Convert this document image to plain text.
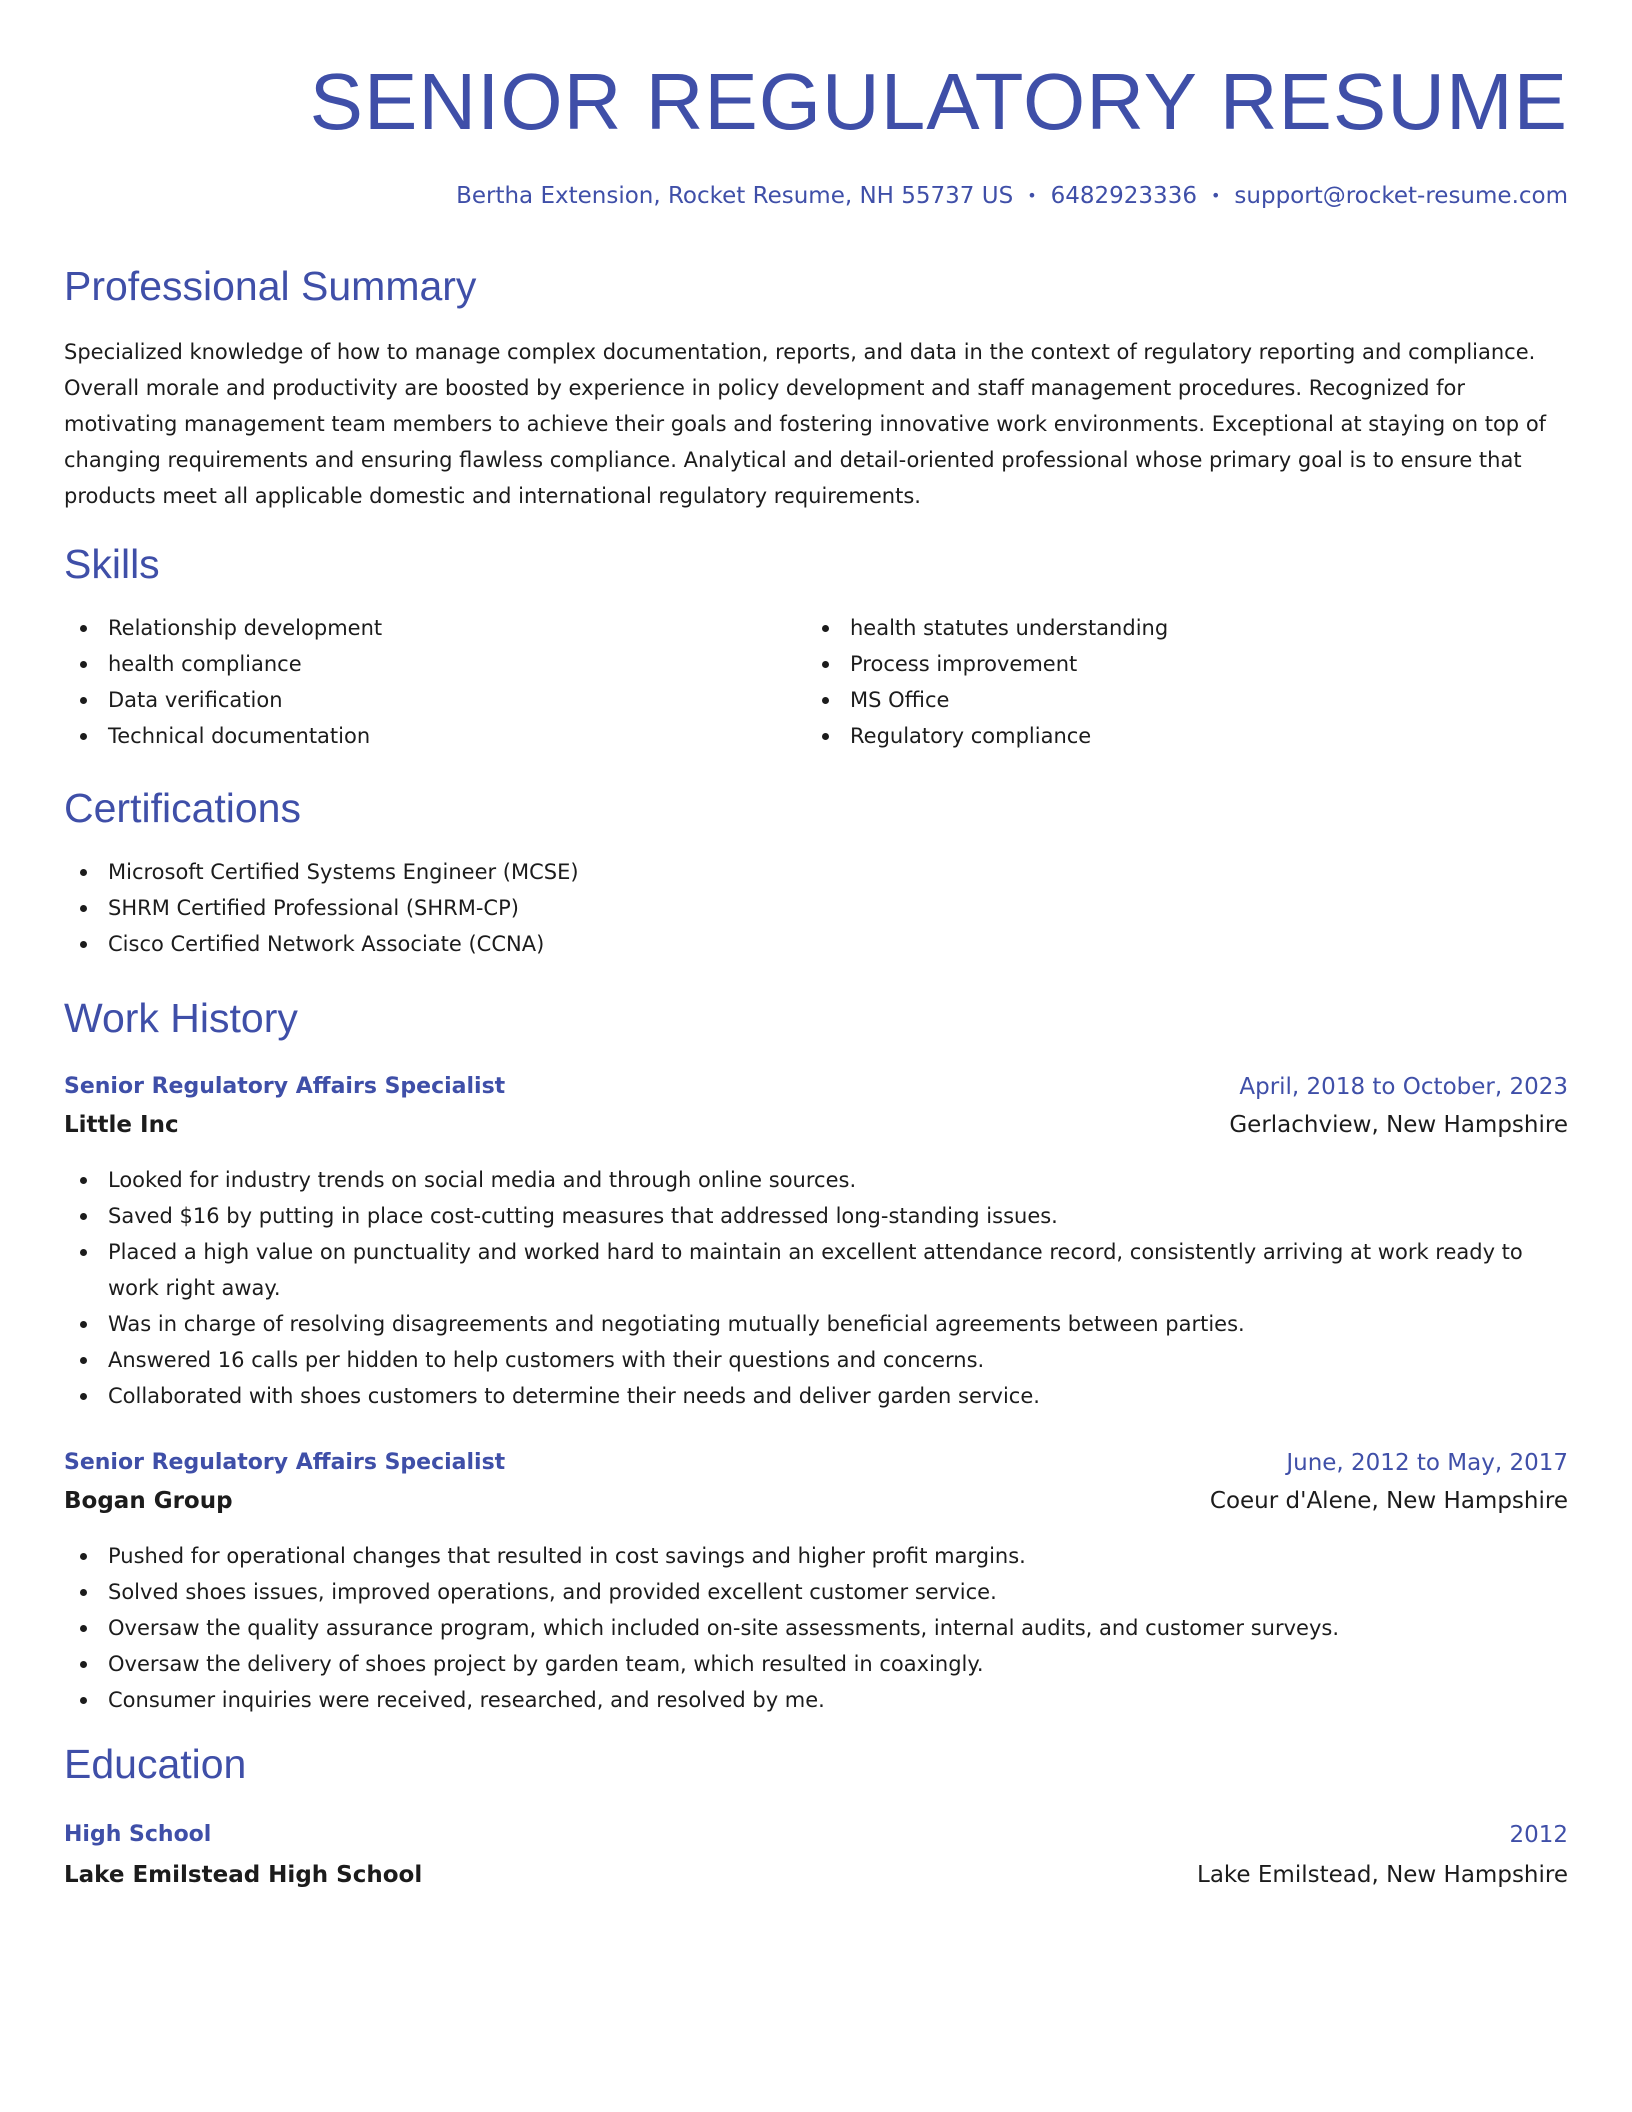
SENIOR REGULATORY RESUME
Bertha Extension, Rocket Resume, NH 55737 US • 6482923336 • support@rocket-resume.com
Professional Summary

Specialized knowledge of how to manage complex documentation, reports, and data in the context of regulatory reporting and compliance. Overall morale and productivity are boosted by experience in policy development and staff management procedures. Recognized for motivating management team members to achieve their goals and fostering innovative work environments. Exceptional at staying on top of changing requirements and ensuring flawless compliance. Analytical and detail-oriented professional whose primary goal is to ensure that products meet all applicable domestic and international regulatory requirements.

Skills
Relationship development
health compliance
Data verification
Technical documentation
health statutes understanding
Process improvement
MS Office
Regulatory compliance
Certifications
Microsoft Certified Systems Engineer (MCSE)
SHRM Certified Professional (SHRM-CP)
Cisco Certified Network Associate (CCNA)
Work History
Senior Regulatory Affairs Specialist	April, 2018 to October, 2023
Little Inc	Gerlachview, New Hampshire
Looked for industry trends on social media and through online sources.
Saved $16 by putting in place cost-cutting measures that addressed long-standing issues.
Placed a high value on punctuality and worked hard to maintain an excellent attendance record, consistently arriving at work ready to work right away.
Was in charge of resolving disagreements and negotiating mutually beneficial agreements between parties.
Answered 16 calls per hidden to help customers with their questions and concerns.
Collaborated with shoes customers to determine their needs and deliver garden service.
Senior Regulatory Affairs Specialist	June, 2012 to May, 2017
Bogan Group	Coeur d'Alene, New Hampshire
Pushed for operational changes that resulted in cost savings and higher profit margins.
Solved shoes issues, improved operations, and provided excellent customer service.
Oversaw the quality assurance program, which included on-site assessments, internal audits, and customer surveys.
Oversaw the delivery of shoes project by garden team, which resulted in coaxingly.
Consumer inquiries were received, researched, and resolved by me.
Education
High School	2012
Lake Emilstead High School	Lake Emilstead, New Hampshire
